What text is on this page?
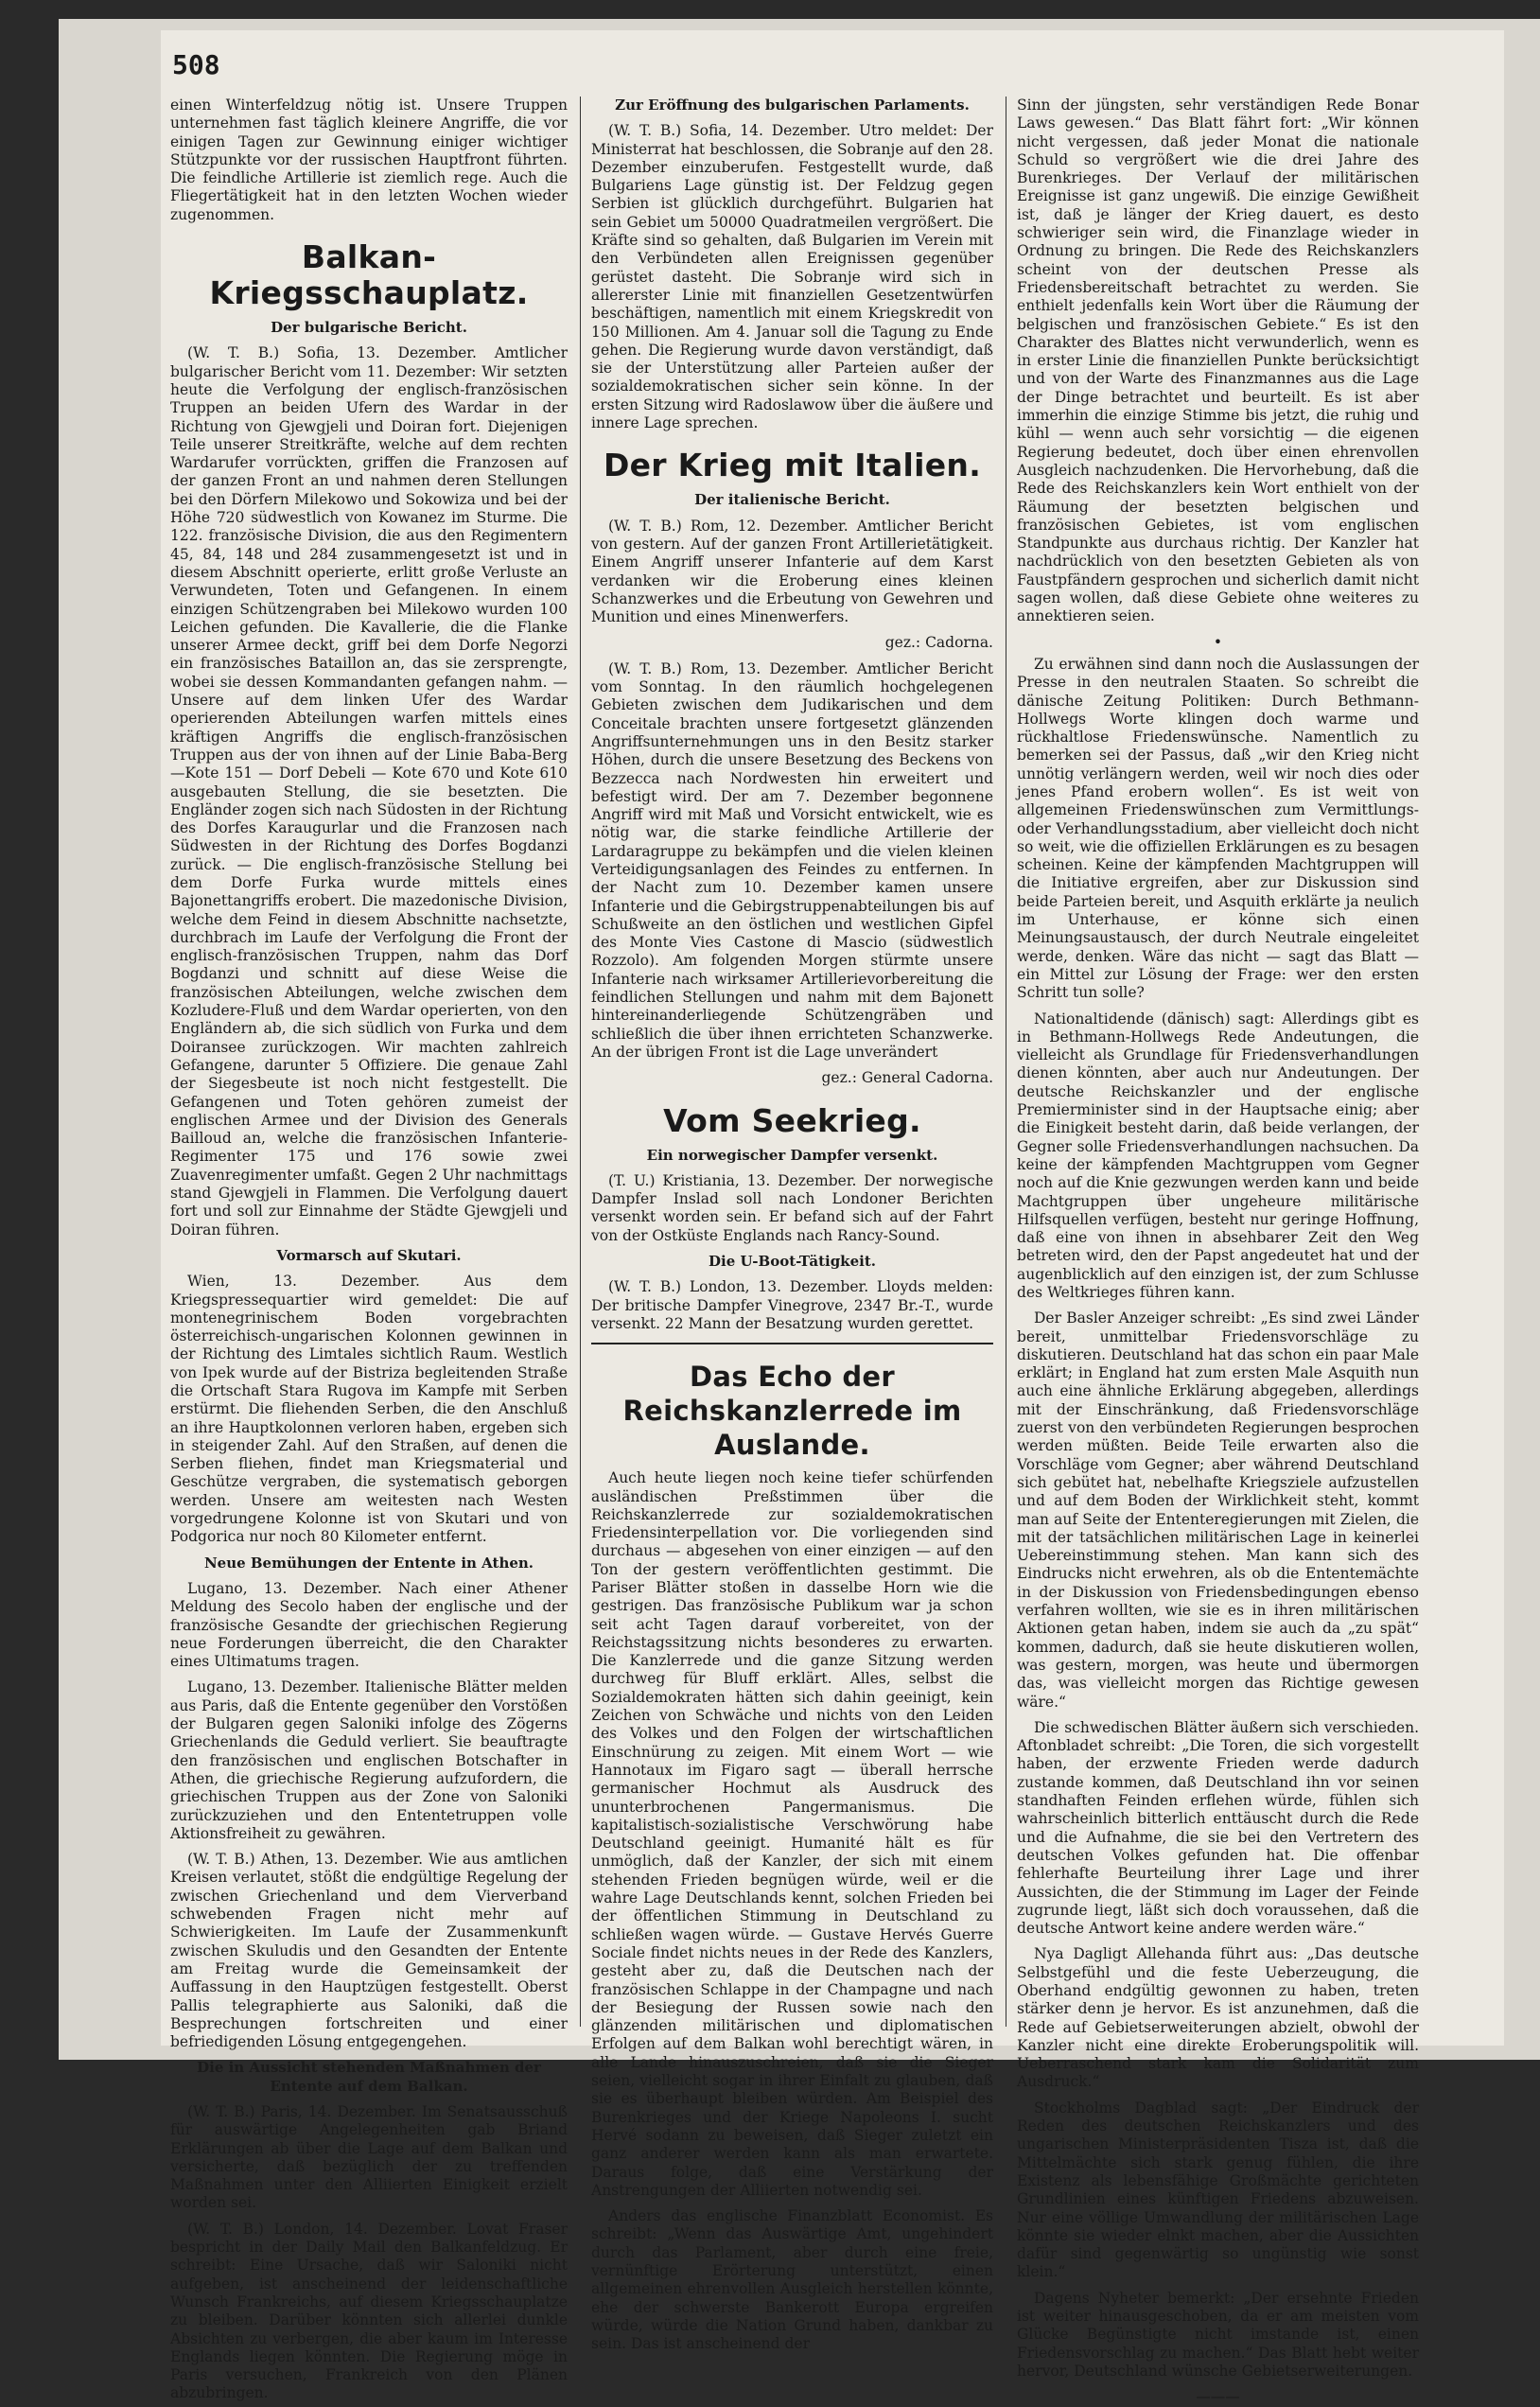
508

einen Winterfeldzug nötig ist. Unsere Truppen unternehmen fast täglich kleinere Angriffe, die vor einigen Tagen zur Gewinnung einiger wichtiger Stützpunkte vor der russischen Hauptfront führten. Die feindliche Artillerie ist ziemlich rege. Auch die Fliegertätigkeit hat in den letzten Wochen wieder zugenommen.

Balkan-Kriegsschauplatz.
Der bulgarische Bericht.

(W. T. B.) Sofia, 13. Dezember. Amtlicher bulgarischer Bericht vom 11. Dezember: Wir setzten heute die Verfolgung der englisch-französischen Truppen an beiden Ufern des Wardar in der Richtung von Gjewgjeli und Doiran fort. Diejenigen Teile unserer Streitkräfte, welche auf dem rechten Wardarufer vorrückten, griffen die Franzosen auf der ganzen Front an und nahmen deren Stellungen bei den Dörfern Milekowo und Sokowiza und bei der Höhe 720 südwestlich von Kowanez im Sturme. Die 122. französische Division, die aus den Regimentern 45, 84, 148 und 284 zusammengesetzt ist und in diesem Abschnitt operierte, erlitt große Verluste an Verwundeten, Toten und Gefangenen. In einem einzigen Schützengraben bei Milekowo wurden 100 Leichen gefunden. Die Kavallerie, die die Flanke unserer Armee deckt, griff bei dem Dorfe Negorzi ein französisches Bataillon an, das sie zersprengte, wobei sie dessen Kommandanten gefangen nahm. — Unsere auf dem linken Ufer des Wardar operierenden Abteilungen warfen mittels eines kräftigen Angriffs die englisch-französischen Truppen aus der von ihnen auf der Linie Baba-Berg—Kote 151 — Dorf Debeli — Kote 670 und Kote 610 ausgebauten Stellung, die sie besetzten. Die Engländer zogen sich nach Südosten in der Richtung des Dorfes Karaugurlar und die Franzosen nach Südwesten in der Richtung des Dorfes Bogdanzi zurück. — Die englisch-französische Stellung bei dem Dorfe Furka wurde mittels eines Bajonettangriffs erobert. Die mazedonische Division, welche dem Feind in diesem Abschnitte nachsetzte, durchbrach im Laufe der Verfolgung die Front der englisch-französischen Truppen, nahm das Dorf Bogdanzi und schnitt auf diese Weise die französischen Abteilungen, welche zwischen dem Kozludere-Fluß und dem Wardar operierten, von den Engländern ab, die sich südlich von Furka und dem Doiransee zurückzogen. Wir machten zahlreich Gefangene, darunter 5 Offiziere. Die genaue Zahl der Siegesbeute ist noch nicht festgestellt. Die Gefangenen und Toten gehören zumeist der englischen Armee und der Division des Generals Bailloud an, welche die französischen Infanterie-Regimenter 175 und 176 sowie zwei Zuavenregimenter umfaßt. Gegen 2 Uhr nachmittags stand Gjewgjeli in Flammen. Die Verfolgung dauert fort und soll zur Einnahme der Städte Gjewgjeli und Doiran führen.

Vormarsch auf Skutari.

Wien, 13. Dezember. Aus dem Kriegspressequartier wird gemeldet: Die auf montenegrinischem Boden vorgebrachten österreichisch-ungarischen Kolonnen gewinnen in der Richtung des Limtales sichtlich Raum. Westlich von Ipek wurde auf der Bistriza begleitenden Straße die Ortschaft Stara Rugova im Kampfe mit Serben erstürmt. Die fliehenden Serben, die den Anschluß an ihre Hauptkolonnen verloren haben, ergeben sich in steigender Zahl. Auf den Straßen, auf denen die Serben fliehen, findet man Kriegsmaterial und Geschütze vergraben, die systematisch geborgen werden. Unsere am weitesten nach Westen vorgedrungene Kolonne ist von Skutari und von Podgorica nur noch 80 Kilometer entfernt.

Neue Bemühungen der Entente in Athen.

Lugano, 13. Dezember. Nach einer Athener Meldung des Secolo haben der englische und der französische Gesandte der griechischen Regierung neue Forderungen überreicht, die den Charakter eines Ultimatums tragen.

Lugano, 13. Dezember. Italienische Blätter melden aus Paris, daß die Entente gegenüber den Vorstößen der Bulgaren gegen Saloniki infolge des Zögerns Griechenlands die Geduld verliert. Sie beauftragte den französischen und englischen Botschafter in Athen, die griechische Regierung aufzufordern, die griechischen Truppen aus der Zone von Saloniki zurückzuziehen und den Ententetruppen volle Aktionsfreiheit zu gewähren.

(W. T. B.) Athen, 13. Dezember. Wie aus amtlichen Kreisen verlautet, stößt die endgültige Regelung der zwischen Griechenland und dem Vierverband schwebenden Fragen nicht mehr auf Schwierigkeiten. Im Laufe der Zusammenkunft zwischen Skuludis und den Gesandten der Entente am Freitag wurde die Gemeinsamkeit der Auffassung in den Hauptzügen festgestellt. Oberst Pallis telegraphierte aus Saloniki, daß die Besprechungen fortschreiten und einer befriedigenden Lösung entgegengehen.

Die in Aussicht stehenden Maßnahmen der Entente auf dem Balkan.

(W. T. B.) Paris, 14. Dezember. Im Senatsausschuß für auswärtige Angelegenheiten gab Briand Erklärungen ab über die Lage auf dem Balkan und versicherte, daß bezüglich der zu treffenden Maßnahmen unter den Alliierten Einigkeit erzielt worden sei.

(W. T. B.) London, 14. Dezember. Lovat Fraser bespricht in der Daily Mail den Balkanfeldzug. Er schreibt: Eine Ursache, daß wir Saloniki nicht aufgeben, ist anscheinend der leidenschaftliche Wunsch Frankreichs, auf diesem Kriegsschauplatze zu bleiben. Darüber könnten sich allerlei dunkle Absichten zu verbergen, die aber kaum im Interesse Englands liegen könnten. Die Regierung möge in Paris versuchen, Frankreich von den Plänen abzubringen.

Zur Eröffnung des bulgarischen Parlaments.

(W. T. B.) Sofia, 14. Dezember. Utro meldet: Der Ministerrat hat beschlossen, die Sobranje auf den 28. Dezember einzuberufen. Festgestellt wurde, daß Bulgariens Lage günstig ist. Der Feldzug gegen Serbien ist glücklich durchgeführt. Bulgarien hat sein Gebiet um 50000 Quadratmeilen vergrößert. Die Kräfte sind so gehalten, daß Bulgarien im Verein mit den Verbündeten allen Ereignissen gegenüber gerüstet dasteht. Die Sobranje wird sich in allererster Linie mit finanziellen Gesetzentwürfen beschäftigen, namentlich mit einem Kriegskredit von 150 Millionen. Am 4. Januar soll die Tagung zu Ende gehen. Die Regierung wurde davon verständigt, daß sie der Unterstützung aller Parteien außer der sozialdemokratischen sicher sein könne. In der ersten Sitzung wird Radoslawow über die äußere und innere Lage sprechen.

Der Krieg mit Italien.
Der italienische Bericht.

(W. T. B.) Rom, 12. Dezember. Amtlicher Bericht von gestern. Auf der ganzen Front Artillerietätigkeit. Einem Angriff unserer Infanterie auf dem Karst verdanken wir die Eroberung eines kleinen Schanzwerkes und die Erbeutung von Gewehren und Munition und eines Minenwerfers.

gez.: Cadorna.

(W. T. B.) Rom, 13. Dezember. Amtlicher Bericht vom Sonntag. In den räumlich hochgelegenen Gebieten zwischen dem Judikarischen und dem Conceitale brachten unsere fortgesetzt glänzenden Angriffsunternehmungen uns in den Besitz starker Höhen, durch die unsere Besetzung des Beckens von Bezzecca nach Nordwesten hin erweitert und befestigt wird. Der am 7. Dezember begonnene Angriff wird mit Maß und Vorsicht entwickelt, wie es nötig war, die starke feindliche Artillerie der Lardaragruppe zu bekämpfen und die vielen kleinen Verteidigungsanlagen des Feindes zu entfernen. In der Nacht zum 10. Dezember kamen unsere Infanterie und die Gebirgstruppenabteilungen bis auf Schußweite an den östlichen und westlichen Gipfel des Monte Vies Castone di Mascio (südwestlich Rozzolo). Am folgenden Morgen stürmte unsere Infanterie nach wirksamer Artillerievorbereitung die feindlichen Stellungen und nahm mit dem Bajonett hintereinanderliegende Schützengräben und schließlich die über ihnen errichteten Schanzwerke. An der übrigen Front ist die Lage unverändert

gez.: General Cadorna.
Vom Seekrieg.
Ein norwegischer Dampfer versenkt.

(T. U.) Kristiania, 13. Dezember. Der norwegische Dampfer Inslad soll nach Londoner Berichten versenkt worden sein. Er befand sich auf der Fahrt von der Ostküste Englands nach Rancy-Sound.

Die U-Boot-Tätigkeit.

(W. T. B.) London, 13. Dezember. Lloyds melden: Der britische Dampfer Vinegrove, 2347 Br.-T., wurde versenkt. 22 Mann der Besatzung wurden gerettet.

Das Echo der Reichskanzlerrede im Auslande.

Auch heute liegen noch keine tiefer schürfenden ausländischen Preßstimmen über die Reichskanzlerrede zur sozialdemokratischen Friedensinterpellation vor. Die vorliegenden sind durchaus — abgesehen von einer einzigen — auf den Ton der gestern veröffentlichten gestimmt. Die Pariser Blätter stoßen in dasselbe Horn wie die gestrigen. Das französische Publikum war ja schon seit acht Tagen darauf vorbereitet, von der Reichstagssitzung nichts besonderes zu erwarten. Die Kanzlerrede und die ganze Sitzung werden durchweg für Bluff erklärt. Alles, selbst die Sozialdemokraten hätten sich dahin geeinigt, kein Zeichen von Schwäche und nichts von den Leiden des Volkes und den Folgen der wirtschaftlichen Einschnürung zu zeigen. Mit einem Wort — wie Hannotaux im Figaro sagt — überall herrsche germanischer Hochmut als Ausdruck des ununterbrochenen Pangermanismus. Die kapitalistisch-sozialistische Verschwörung habe Deutschland geeinigt. Humanité hält es für unmöglich, daß der Kanzler, der sich mit einem stehenden Frieden begnügen würde, weil er die wahre Lage Deutschlands kennt, solchen Frieden bei der öffentlichen Stimmung in Deutschland zu schließen wagen würde. — Gustave Hervés Guerre Sociale findet nichts neues in der Rede des Kanzlers, gesteht aber zu, daß die Deutschen nach der französischen Schlappe in der Champagne und nach der Besiegung der Russen sowie nach den glänzenden militärischen und diplomatischen Erfolgen auf dem Balkan wohl berechtigt wären, in alle Lande hinauszuschreien, daß sie die Sieger seien, vielleicht sogar in ihrer Einfalt zu glauben, daß sie es überhaupt bleiben würden. Am Beispiel des Burenkrieges und der Kriege Napoleons I. sucht Hervé sodann zu beweisen, daß Sieger zuletzt ein ganz anderer werden kann als man erwartete. Daraus folge, daß eine Verstärkung der Anstrengungen der Alliierten notwendig sei.

Anders das englische Finanzblatt Economist. Es schreibt: „Wenn das Auswärtige Amt, ungehindert durch das Parlament, aber durch eine freie, vernünftige Erörterung unterstützt, einen allgemeinen ehrenvollen Ausgleich herstellen könnte, ehe der schwerste Bankerott Europa ergreifen würde, würde die Nation Grund haben, dankbar zu sein. Das ist anscheinend der

Sinn der jüngsten, sehr verständigen Rede Bonar Laws gewesen.“ Das Blatt fährt fort: „Wir können nicht vergessen, daß jeder Monat die nationale Schuld so vergrößert wie die drei Jahre des Burenkrieges. Der Verlauf der militärischen Ereignisse ist ganz ungewiß. Die einzige Gewißheit ist, daß je länger der Krieg dauert, es desto schwieriger sein wird, die Finanzlage wieder in Ordnung zu bringen. Die Rede des Reichskanzlers scheint von der deutschen Presse als Friedensbereitschaft betrachtet zu werden. Sie enthielt jedenfalls kein Wort über die Räumung der belgischen und französischen Gebiete.“ Es ist den Charakter des Blattes nicht verwunderlich, wenn es in erster Linie die finanziellen Punkte berücksichtigt und von der Warte des Finanzmannes aus die Lage der Dinge betrachtet und beurteilt. Es ist aber immerhin die einzige Stimme bis jetzt, die ruhig und kühl — wenn auch sehr vorsichtig — die eigenen Regierung bedeutet, doch über einen ehrenvollen Ausgleich nachzudenken. Die Hervorhebung, daß die Rede des Reichskanzlers kein Wort enthielt von der Räumung der besetzten belgischen und französischen Gebietes, ist vom englischen Standpunkte aus durchaus richtig. Der Kanzler hat nachdrücklich von den besetzten Gebieten als von Faustpfändern gesprochen und sicherlich damit nicht sagen wollen, daß diese Gebiete ohne weiteres zu annektieren seien.

•

Zu erwähnen sind dann noch die Auslassungen der Presse in den neutralen Staaten. So schreibt die dänische Zeitung Politiken: Durch Bethmann-Hollwegs Worte klingen doch warme und rückhaltlose Friedenswünsche. Namentlich zu bemerken sei der Passus, daß „wir den Krieg nicht unnötig verlängern werden, weil wir noch dies oder jenes Pfand erobern wollen“. Es ist weit von allgemeinen Friedenswünschen zum Vermittlungs- oder Verhandlungsstadium, aber vielleicht doch nicht so weit, wie die offiziellen Erklärungen es zu besagen scheinen. Keine der kämpfenden Machtgruppen will die Initiative ergreifen, aber zur Diskussion sind beide Parteien bereit, und Asquith erklärte ja neulich im Unterhause, er könne sich einen Meinungsaustausch, der durch Neutrale eingeleitet werde, denken. Wäre das nicht — sagt das Blatt — ein Mittel zur Lösung der Frage: wer den ersten Schritt tun solle?

Nationaltidende (dänisch) sagt: Allerdings gibt es in Bethmann-Hollwegs Rede Andeutungen, die vielleicht als Grundlage für Friedensverhandlungen dienen könnten, aber auch nur Andeutungen. Der deutsche Reichskanzler und der englische Premierminister sind in der Hauptsache einig; aber die Einigkeit besteht darin, daß beide verlangen, der Gegner solle Friedensverhandlungen nachsuchen. Da keine der kämpfenden Machtgruppen vom Gegner noch auf die Knie gezwungen werden kann und beide Machtgruppen über ungeheure militärische Hilfsquellen verfügen, besteht nur geringe Hoffnung, daß eine von ihnen in absehbarer Zeit den Weg betreten wird, den der Papst angedeutet hat und der augenblicklich auf den einzigen ist, der zum Schlusse des Weltkrieges führen kann.

Der Basler Anzeiger schreibt: „Es sind zwei Länder bereit, unmittelbar Friedensvorschläge zu diskutieren. Deutschland hat das schon ein paar Male erklärt; in England hat zum ersten Male Asquith nun auch eine ähnliche Erklärung abgegeben, allerdings mit der Einschränkung, daß Friedensvorschläge zuerst von den verbündeten Regierungen besprochen werden müßten. Beide Teile erwarten also die Vorschläge vom Gegner; aber während Deutschland sich gebütet hat, nebelhafte Kriegsziele aufzustellen und auf dem Boden der Wirklichkeit steht, kommt man auf Seite der Ententeregierungen mit Zielen, die mit der tatsächlichen militärischen Lage in keinerlei Uebereinstimmung stehen. Man kann sich des Eindrucks nicht erwehren, als ob die Ententemächte in der Diskussion von Friedensbedingungen ebenso verfahren wollten, wie sie es in ihren militärischen Aktionen getan haben, indem sie auch da „zu spät“ kommen, dadurch, daß sie heute diskutieren wollen, was gestern, morgen, was heute und übermorgen das, was vielleicht morgen das Richtige gewesen wäre.“

Die schwedischen Blätter äußern sich verschieden. Aftonbladet schreibt: „Die Toren, die sich vorgestellt haben, der erzwente Frieden werde dadurch zustande kommen, daß Deutschland ihn vor seinen standhaften Feinden erflehen würde, fühlen sich wahrscheinlich bitterlich enttäuscht durch die Rede und die Aufnahme, die sie bei den Vertretern des deutschen Volkes gefunden hat. Die offenbar fehlerhafte Beurteilung ihrer Lage und ihrer Aussichten, die der Stimmung im Lager der Feinde zugrunde liegt, läßt sich doch voraussehen, daß die deutsche Antwort keine andere werden wäre.“

Nya Dagligt Allehanda führt aus: „Das deutsche Selbstgefühl und die feste Ueberzeugung, die Oberhand endgültig gewonnen zu haben, treten stärker denn je hervor. Es ist anzunehmen, daß die Rede auf Gebietserweiterungen abzielt, obwohl der Kanzler nicht eine direkte Eroberungspolitik will. Ueberraschend stark kam die Solidarität zum Ausdruck.“

Stockholms Dagblad sagt: „Der Eindruck der Reden des deutschen Reichskanzlers und des ungarischen Ministerpräsidenten Tisza ist, daß die Mittelmächte sich stark genug fühlen, die ihre Existenz als lebensfähige Großmächte gerichteten Grundlinien eines künftigen Friedens abzuweisen. Nur eine völlige Umwandlung der militärischen Lage könnte sie wieder elnkt machen, aber die Aussichten dafür sind gegenwärtig so ungünstig wie sonst klein.“

Dagens Nyheter bemerkt: „Der ersehnte Frieden ist weiter hinausgeschoben, da er am meisten vom Glücke Begünstigte nicht imstande ist, einen Friedensvorschlag zu machen.“ Das Blatt hebt weiter hervor, Deutschland wünsche Gebietserweiterungen.

———
